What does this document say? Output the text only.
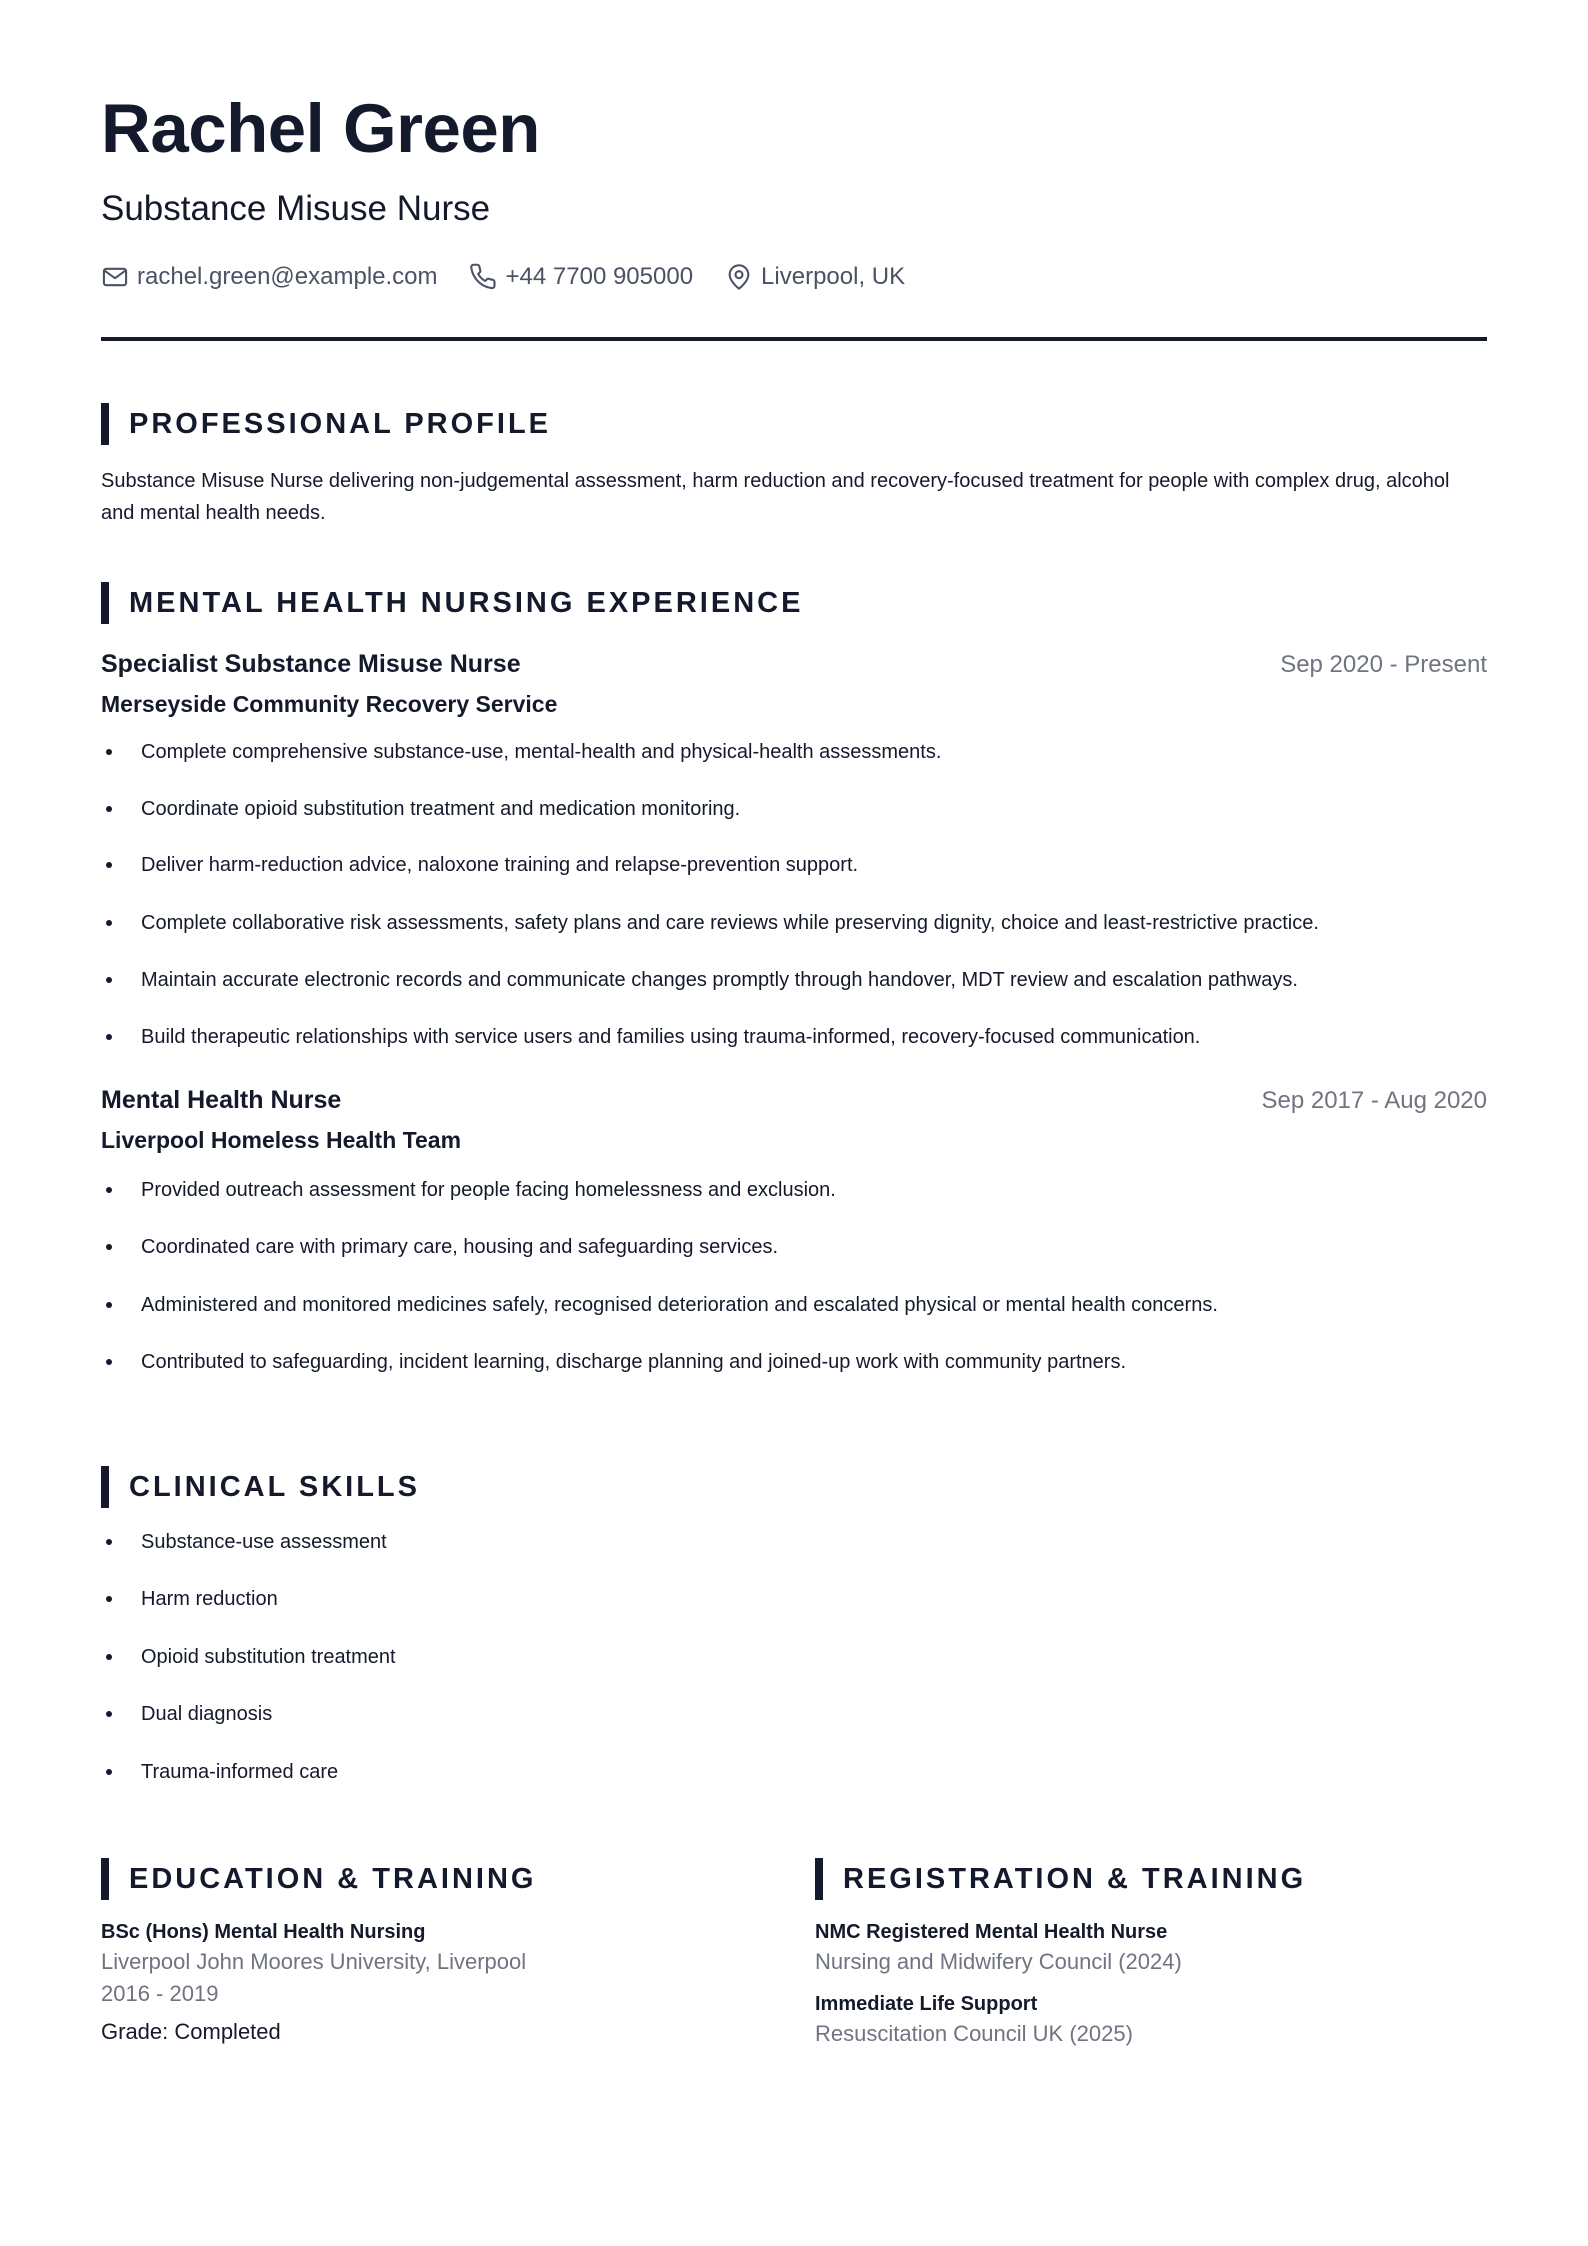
Rachel Green
Substance Misuse Nurse
rachel.green@example.com	+44 7700 905000	Liverpool, UK
PROFESSIONAL PROFILE
Substance Misuse Nurse delivering non-judgemental assessment, harm reduction and recovery-focused treatment for people with complex drug, alcohol and mental health needs.
MENTAL HEALTH NURSING EXPERIENCE
Specialist Substance Misuse Nurse	Sep 2020 - Present
Merseyside Community Recovery Service
Complete comprehensive substance-use, mental-health and physical-health assessments.
Coordinate opioid substitution treatment and medication monitoring.
Deliver harm-reduction advice, naloxone training and relapse-prevention support.
Complete collaborative risk assessments, safety plans and care reviews while preserving dignity, choice and least-restrictive practice.
Maintain accurate electronic records and communicate changes promptly through handover, MDT review and escalation pathways.
Build therapeutic relationships with service users and families using trauma-informed, recovery-focused communication.
Mental Health Nurse	Sep 2017 - Aug 2020
Liverpool Homeless Health Team
Provided outreach assessment for people facing homelessness and exclusion.
Coordinated care with primary care, housing and safeguarding services.
Administered and monitored medicines safely, recognised deterioration and escalated physical or mental health concerns.
Contributed to safeguarding, incident learning, discharge planning and joined-up work with community partners.
CLINICAL SKILLS
Substance-use assessment
Harm reduction
Opioid substitution treatment
Dual diagnosis
Trauma-informed care
EDUCATION & TRAINING
BSc (Hons) Mental Health Nursing
Liverpool John Moores University, Liverpool
2016 - 2019
Grade: Completed
REGISTRATION & TRAINING
NMC Registered Mental Health Nurse
Nursing and Midwifery Council (2024)
Immediate Life Support
Resuscitation Council UK (2025)
